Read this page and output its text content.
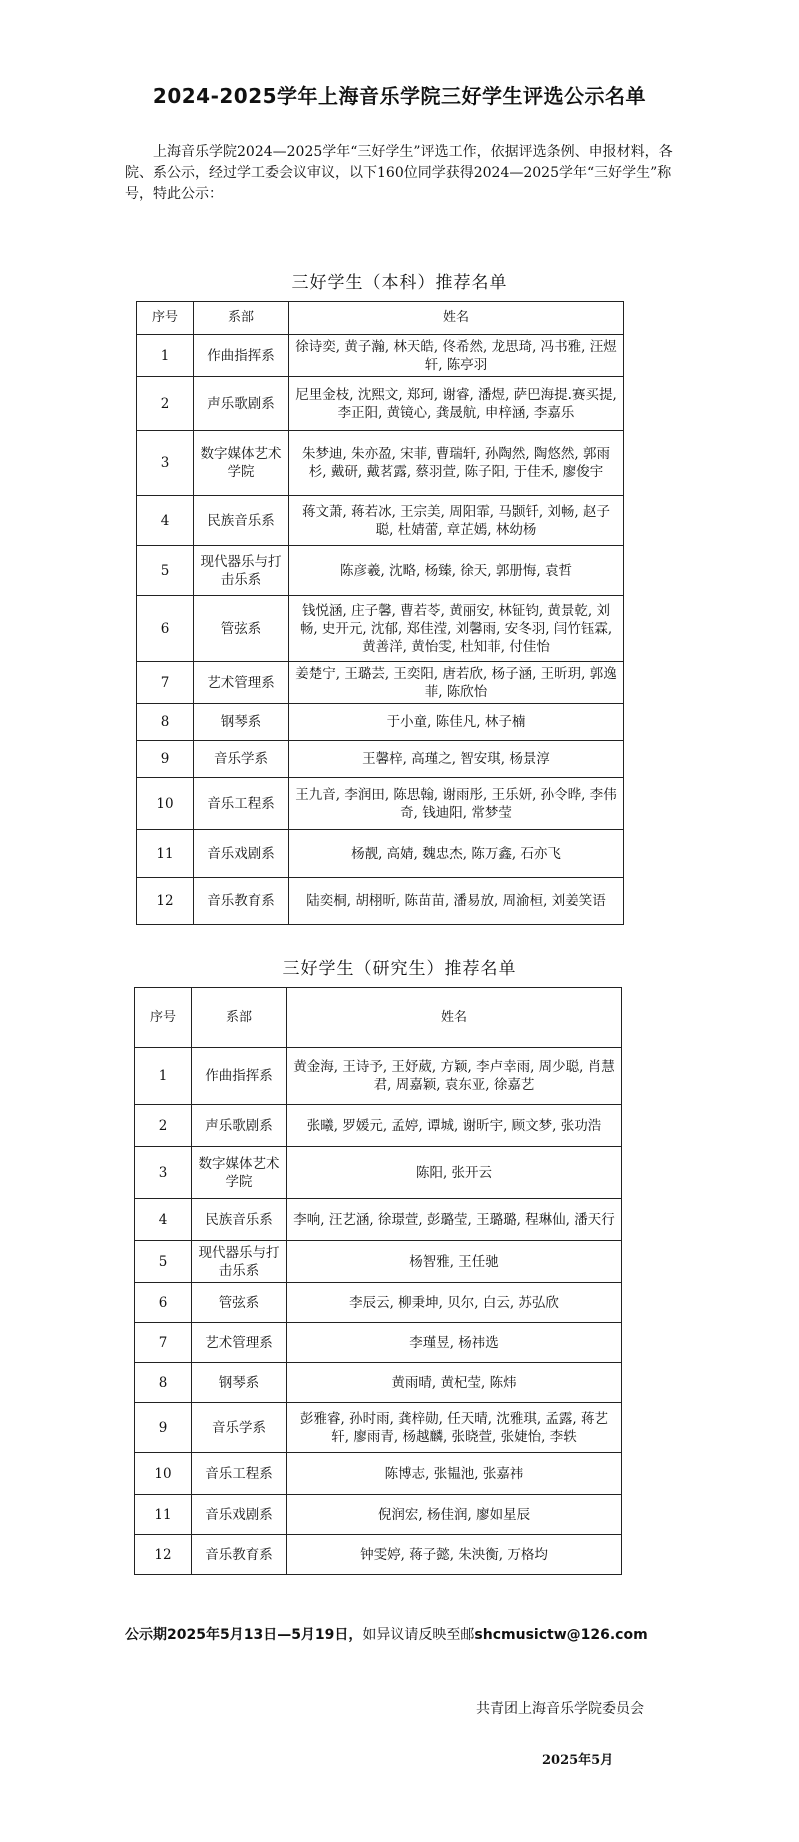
2024-2025学年上海音乐学院三好学生评选公示名单

上海音乐学院2024—2025学年“三好学生”评选工作，依据评选条例、申报材料，各院、系公示，经过学工委会议审议，以下160位同学获得2024—2025学年“三好学生”称号，特此公示：

三好学生（本科）推荐名单
序号	系部	姓名
1	作曲指挥系	徐诗奕, 黄子瀚, 林天皓, 佟希然, 龙思琦, 冯书雅, 汪煜轩, 陈亭羽
2	声乐歌剧系	尼里金枝, 沈熙文, 郑珂, 谢睿, 潘煜, 萨巴海提.赛买提, 李正阳, 黄镜心, 龚晟航, 申梓涵, 李嘉乐
3	数字媒体艺术学院	朱梦迪, 朱亦盈, 宋菲, 曹瑞轩, 孙陶然, 陶悠然, 郭雨杉, 戴研, 戴茗露, 蔡羽萱, 陈子阳, 于佳禾, 廖俊宇
4	民族音乐系	蒋文萧, 蒋若冰, 王宗美, 周阳霏, 马颢钎, 刘畅, 赵子聪, 杜婧蕾, 章芷嫣, 林幼杨
5	现代器乐与打击乐系	陈彦羲, 沈略, 杨臻, 徐天, 郭册悔, 袁哲
6	管弦系	钱悦涵, 庄子馨, 曹若苓, 黄丽安, 林钲钧, 黄景乾, 刘畅, 史开元, 沈郁, 郑佳滢, 刘馨雨, 安冬羽, 闫竹钰霖, 黄善洋, 黄怡雯, 杜知菲, 付佳怡
7	艺术管理系	姜楚宁, 王璐芸, 王奕阳, 唐若欣, 杨子涵, 王昕玥, 郭逸菲, 陈欣怡
8	钢琴系	于小童, 陈佳凡, 林子楠
9	音乐学系	王馨梓, 高瑾之, 智安琪, 杨景淳
10	音乐工程系	王九音, 李润田, 陈思翰, 谢雨彤, 王乐妍, 孙令晔, 李伟奇, 钱迪阳, 常梦莹
11	音乐戏剧系	杨靓, 高婧, 魏忠杰, 陈万鑫, 石亦飞
12	音乐教育系	陆奕桐, 胡栩昕, 陈苗苗, 潘易放, 周渝桓, 刘姜笑语
三好学生（研究生）推荐名单
序号	系部	姓名
1	作曲指挥系	黄金海, 王诗予, 王妤葳, 方颖, 李卢幸雨, 周少聪, 肖慧君, 周嘉颖, 袁东亚, 徐嘉艺
2	声乐歌剧系	张曦, 罗媛元, 孟婷, 谭城, 谢昕宇, 顾文梦, 张功浩
3	数字媒体艺术学院	陈阳, 张开云
4	民族音乐系	李响, 汪艺涵, 徐璟萱, 彭璐莹, 王璐璐, 程琳仙, 潘天行
5	现代器乐与打击乐系	杨智雅, 王任驰
6	管弦系	李辰云, 柳秉坤, 贝尔, 白云, 苏弘欣
7	艺术管理系	李瑾昱, 杨祎选
8	钢琴系	黄雨晴, 黄杞莹, 陈炜
9	音乐学系	彭雅睿, 孙时雨, 龚梓勋, 任天晴, 沈雅琪, 孟露, 蒋艺轩, 廖雨青, 杨越麟, 张晓萱, 张婕怡, 李轶
10	音乐工程系	陈博志, 张韫池, 张嘉祎
11	音乐戏剧系	倪润宏, 杨佳润, 廖如星辰
12	音乐教育系	钟雯婷, 蒋子懿, 朱泱衡, 万格均
公示期2025年5月13日—5月19日，如异议请反映至邮shcmusictw@126.com
共青团上海音乐学院委员会
2025年5月
